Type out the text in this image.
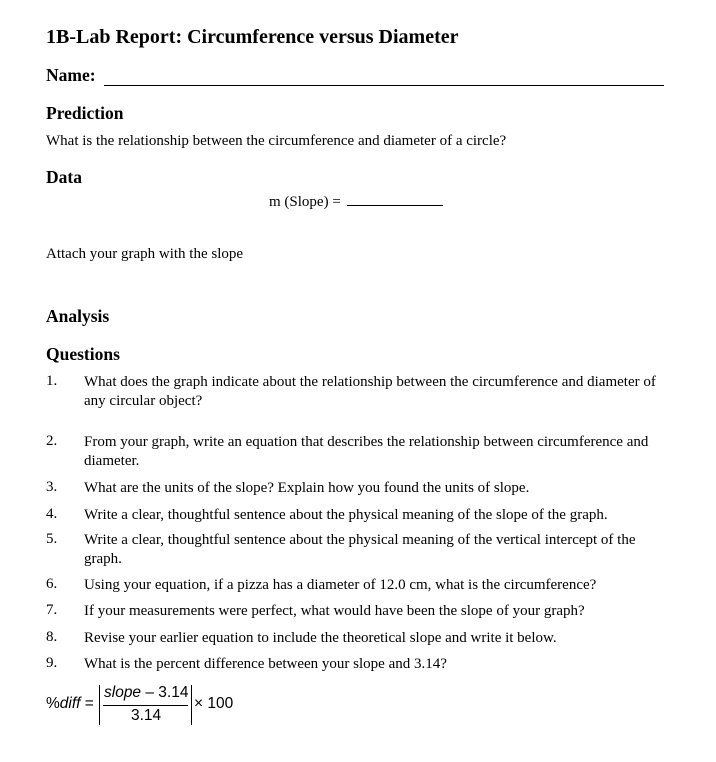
1B-Lab Report: Circumference versus Diameter
Name:
Prediction
What is the relationship between the circumference and diameter of a circle?
Data
m (Slope) =
Attach your graph with the slope
Analysis
Questions
1. What does the graph indicate about the relationship between the circumference and diameter of any circular object?
2. From your graph, write an equation that describes the relationship between circumference and diameter.
3. What are the units of the slope? Explain how you found the units of slope.
4. Write a clear, thoughtful sentence about the physical meaning of the slope of the graph.
5. Write a clear, thoughtful sentence about the physical meaning of the vertical intercept of the graph.
6. Using your equation, if a pizza has a diameter of 12.0 cm, what is the circumference?
7. If your measurements were perfect, what would have been the slope of your graph?
8. Revise your earlier equation to include the theoretical slope and write it below.
9. What is the percent difference between your slope and 3.14?
%diff =
slope – 3.14
3.14
× 100
